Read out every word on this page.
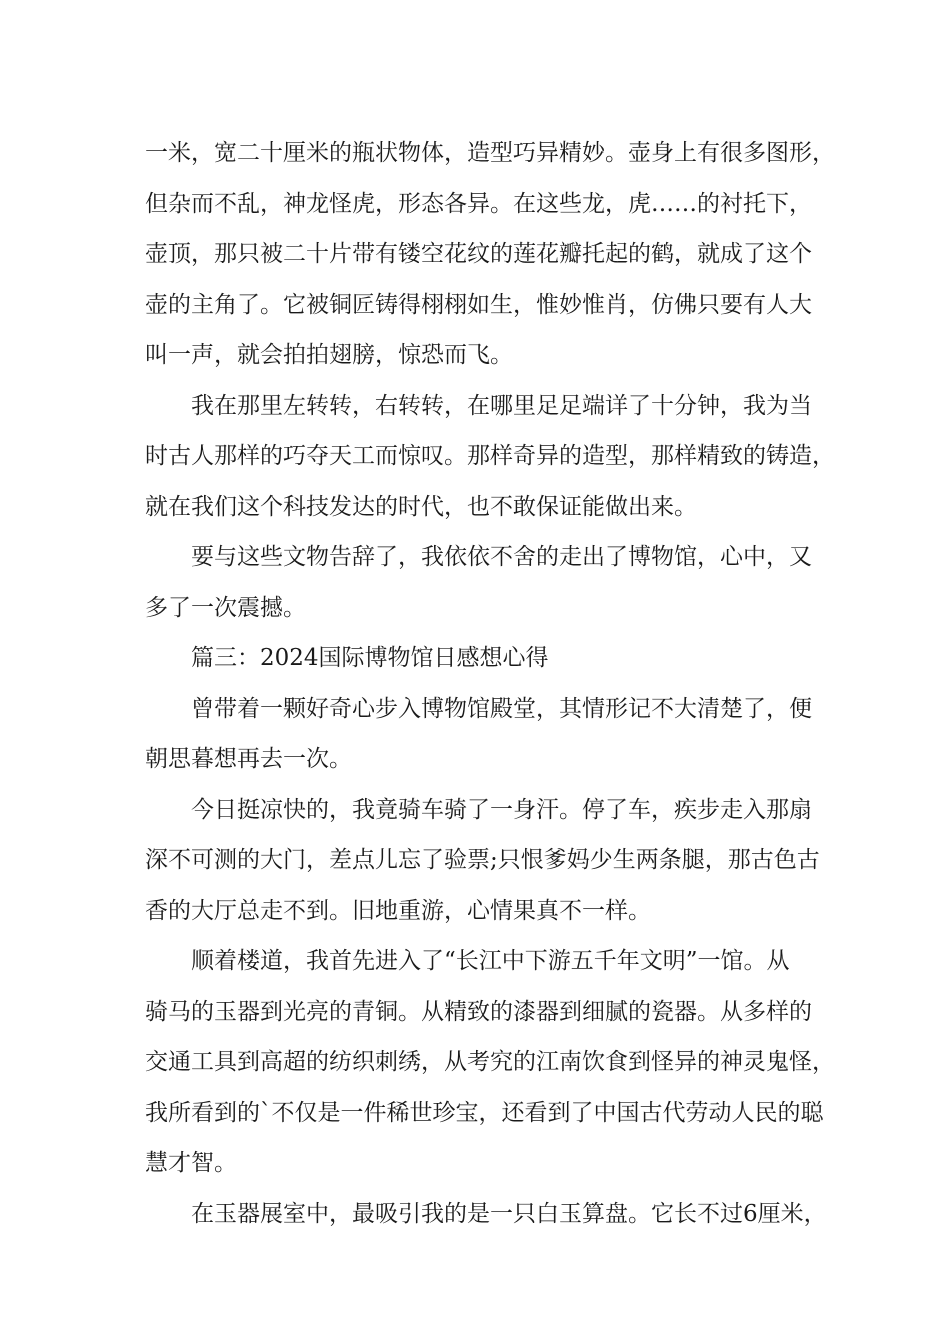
一米，宽二十厘米的瓶状物体，造型巧异精妙。壶身上有很多图形，
但杂而不乱，神龙怪虎，形态各异。在这些龙，虎……的衬托下，
壶顶，那只被二十片带有镂空花纹的莲花瓣托起的鹤，就成了这个
壶的主角了。它被铜匠铸得栩栩如生，惟妙惟肖，仿佛只要有人大
叫一声，就会拍拍翅膀，惊恐而飞。

我在那里左转转，右转转，在哪里足足端详了十分钟，我为当
时古人那样的巧夺天工而惊叹。那样奇异的造型，那样精致的铸造，
就在我们这个科技发达的时代，也不敢保证能做出来。

要与这些文物告辞了，我依依不舍的走出了博物馆，心中，又
多了一次震撼。

篇三：2024国际博物馆日感想心得

曾带着一颗好奇心步入博物馆殿堂，其情形记不大清楚了，便
朝思暮想再去一次。

今日挺凉快的，我竟骑车骑了一身汗。停了车，疾步走入那扇
深不可测的大门，差点儿忘了验票;只恨爹妈少生两条腿，那古色古
香的大厅总走不到。旧地重游，心情果真不一样。

顺着楼道，我首先进入了“长江中下游五千年文明”一馆。从
骑马的玉器到光亮的青铜。从精致的漆器到细腻的瓷器。从多样的
交通工具到高超的纺织刺绣，从考究的江南饮食到怪异的神灵鬼怪，
我所看到的`不仅是一件稀世珍宝，还看到了中国古代劳动人民的聪
慧才智。

在玉器展室中，最吸引我的是一只白玉算盘。它长不过6厘米，
